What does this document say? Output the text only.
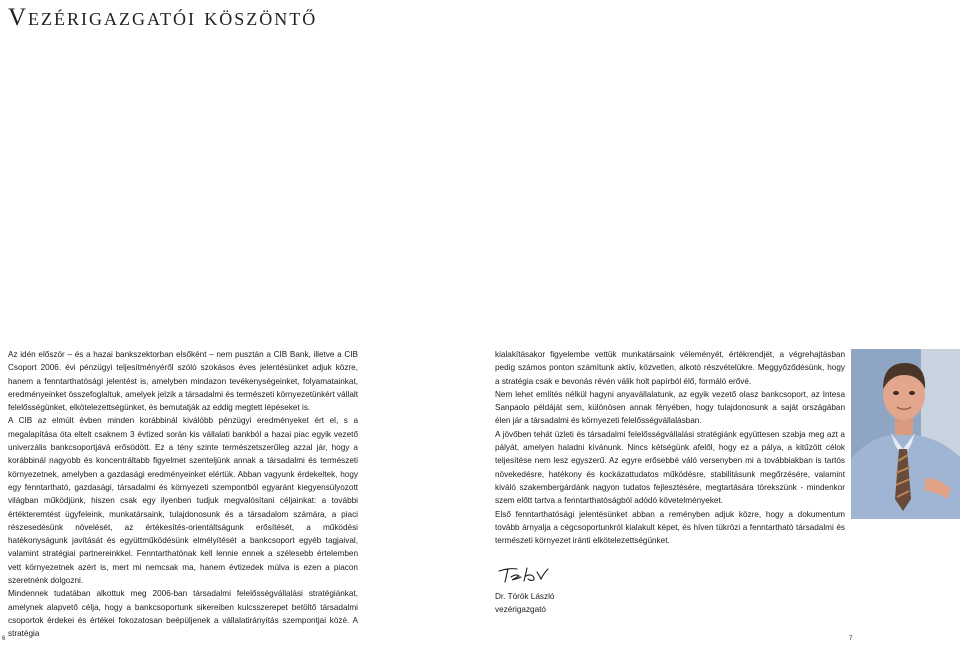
Vezérigazgatói köszöntő

Az idén először – és a hazai bankszektorban elsőként – nem pusztán a CIB Bank, illetve a CIB Csoport 2006. évi pénzügyi teljesítményéről szóló szokásos éves jelentésünket adjuk közre, hanem a fenntarthatósági jelentést is, amelyben mindazon tevékenységeinket, folyamatainkat, eredményeinket összefoglaltuk, amelyek jelzik a társadalmi és természeti környezetünkért vállalt felelősségünket, elkötelezettségünket, és bemutatják az eddig megtett lépéseket is.

A CIB az elmúlt évben minden korábbinál kiválóbb pénzügyi eredményeket ért el, s a megalapítása óta eltelt csaknem 3 évtized során kis vállalati bankból a hazai piac egyik vezető univerzális bankcsoportjává erősödött. Ez a tény szinte természetszerűleg azzal jár, hogy a korábbinál nagyobb és koncentráltabb figyelmet szenteljünk annak a társadalmi és természeti környezetnek, amelyben a gazdasági eredményeinket elértük. Abban vagyunk érdekeltek, hogy egy fenntartható, gazdasági, társadalmi és környezeti szempontból egyaránt kiegyensúlyozott világban működjünk, hiszen csak egy ilyenben tudjuk megvalósítani céljainkat: a további értékteremtést ügyfeleink, munkatársaink, tulajdonosunk és a társadalom számára, a piaci részesedésünk növelését, az értékesítés-orientáltságunk erősítését, a működési hatékonyságunk javítását és együttműködésünk elmélyítését a bankcsoport egyéb tagjaival, valamint stratégiai partnereinkkel. Fenntarthatónak kell lennie ennek a szélesebb értelemben vett környezetnek azért is, mert mi nemcsak ma, hanem évtizedek múlva is ezen a piacon szeretnénk dolgozni.

Mindennek tudatában alkottuk meg 2006-ban társadalmi felelősségvállalási stratégiánkat, amelynek alapvető célja, hogy a bankcsoportunk sikereiben kulcsszerepet betöltő társadalmi csoportok érdekei és értékei fokozatosan beépüljenek a vállalatirányítás szempontjai közé. A stratégia

kialakításakor figyelembe vettük munkatársaink véleményét, értékrendjét, a végrehajtásban pedig számos ponton számítunk aktív, közvetlen, alkotó részvételükre. Meggyőződésünk, hogy a stratégia csak e bevonás révén válik holt papírból élő, formáló erővé.

Nem lehet említés nélkül hagyni anyavállalatunk, az egyik vezető olasz bankcsoport, az Intesa Sanpaolo példáját sem, különösen annak fényében, hogy tulajdonosunk a saját országában élen jár a társadalmi és környezeti felelősségvállalásban.

A jövőben tehát üzleti és társadalmi felelősségvállalási stratégiánk együttesen szabja meg azt a pályát, amelyen haladni kívánunk. Nincs kétségünk afelől, hogy ez a pálya, a kitűzött célok teljesítése nem lesz egyszerű. Az egyre erősebbé váló versenyben mi a továbbiakban is tartós növekedésre, hatékony és kockázattudatos működésre, stabilitásunk megőrzésére, valamint kiváló szakembergárdánk nagyon tudatos fejlesztésére, megtartására törekszünk - mindenkor szem előtt tartva a fenntarthatóságból adódó követelményeket.

Első fenntarthatósági jelentésünket abban a reményben adjuk közre, hogy a dokumentum tovább árnyalja a cégcsoportunkról kialakult képet, és híven tükrözi a fenntartható társadalmi és természeti környezet iránti elkötelezettségünket.

Dr. Török László
vezérigazgató
6	7
